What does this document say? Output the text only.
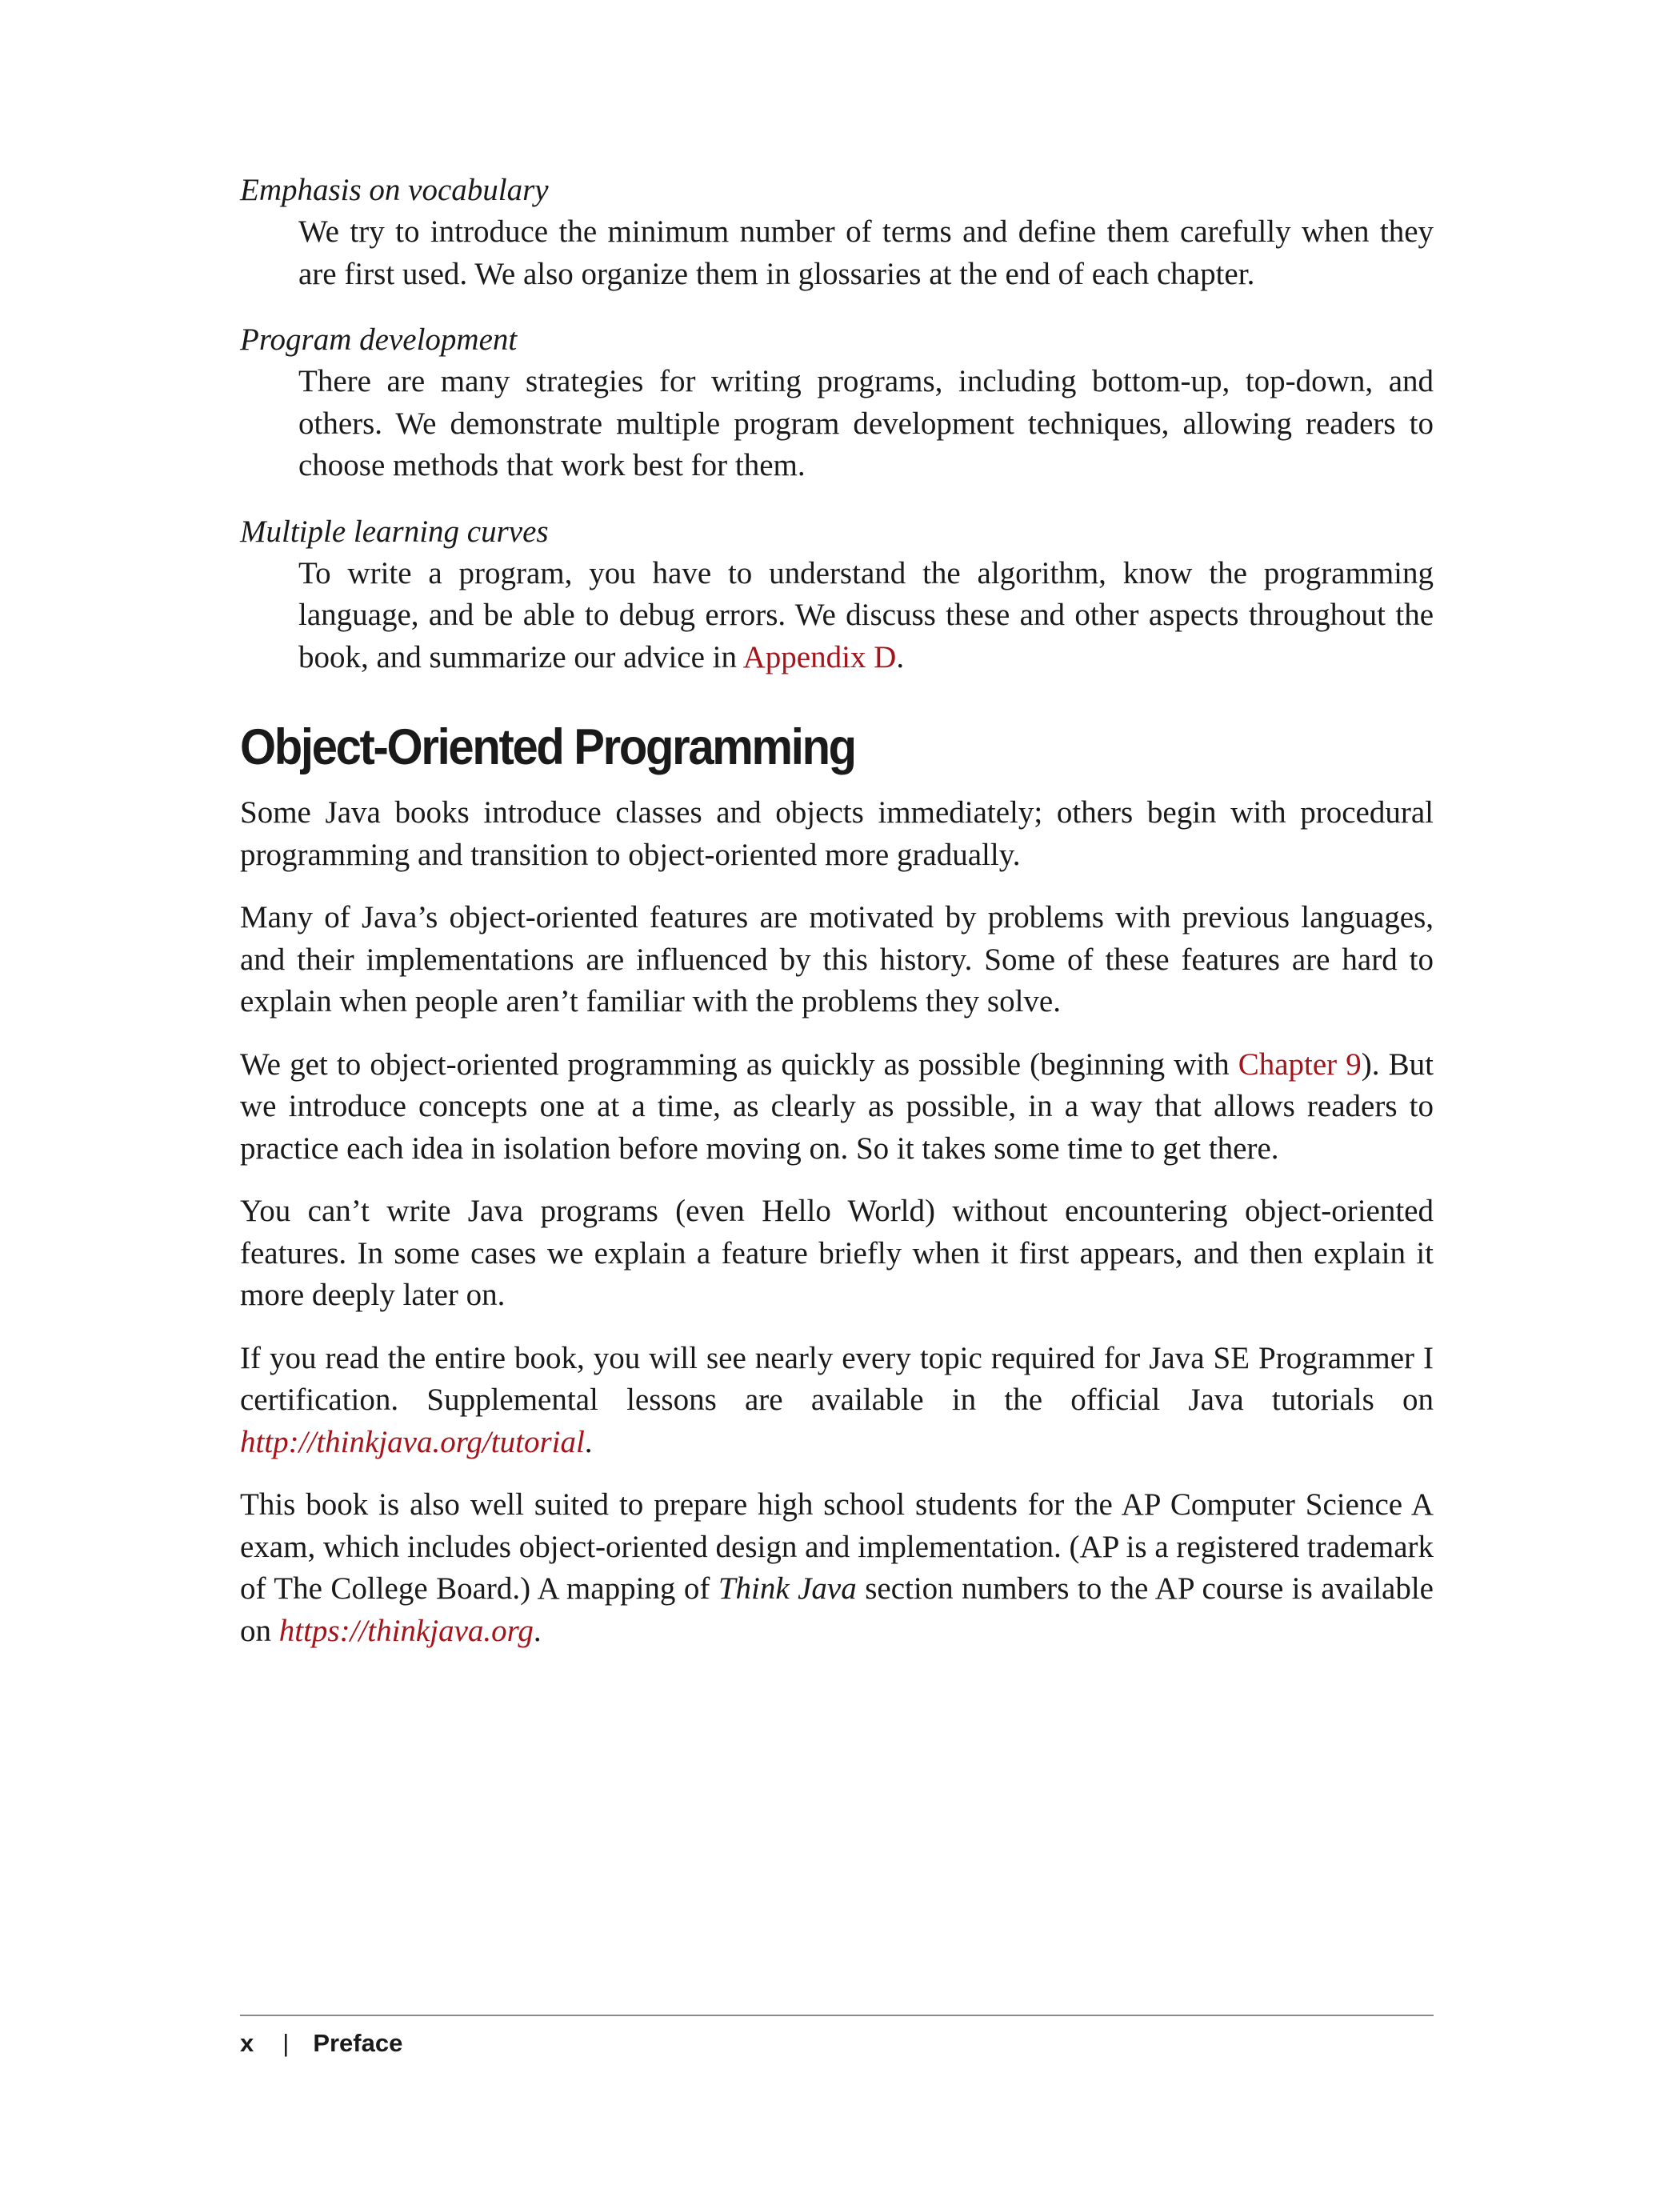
Emphasis on vocabulary

We try to introduce the minimum number of terms and define them carefully when they are first used. We also organize them in glossaries at the end of each chapter.

Program development

There are many strategies for writing programs, including bottom-up, top-down, and others. We demonstrate multiple program development techniques, allowing readers to choose methods that work best for them.

Multiple learning curves

To write a program, you have to understand the algorithm, know the programming language, and be able to debug errors. We discuss these and other aspects throughout the book, and summarize our advice in Appendix D.

Object-Oriented Programming

Some Java books introduce classes and objects immediately; others begin with procedural programming and transition to object-oriented more gradually.

Many of Java’s object-oriented features are motivated by problems with previous languages, and their implementations are influenced by this history. Some of these features are hard to explain when people aren’t familiar with the problems they solve.

We get to object-oriented programming as quickly as possible (beginning with Chapter 9). But we introduce concepts one at a time, as clearly as possible, in a way that allows readers to practice each idea in isolation before moving on. So it takes some time to get there.

You can’t write Java programs (even Hello World) without encountering object-oriented features. In some cases we explain a feature briefly when it first appears, and then explain it more deeply later on.

If you read the entire book, you will see nearly every topic required for Java SE Programmer I certification. Supplemental lessons are available in the official Java tutorials on http://thinkjava.org/tutorial.

This book is also well suited to prepare high school students for the AP Computer Science A exam, which includes object-oriented design and implementation. (AP is a registered trademark of The College Board.) A mapping of Think Java section numbers to the AP course is available on https://thinkjava.org.

x | Preface
